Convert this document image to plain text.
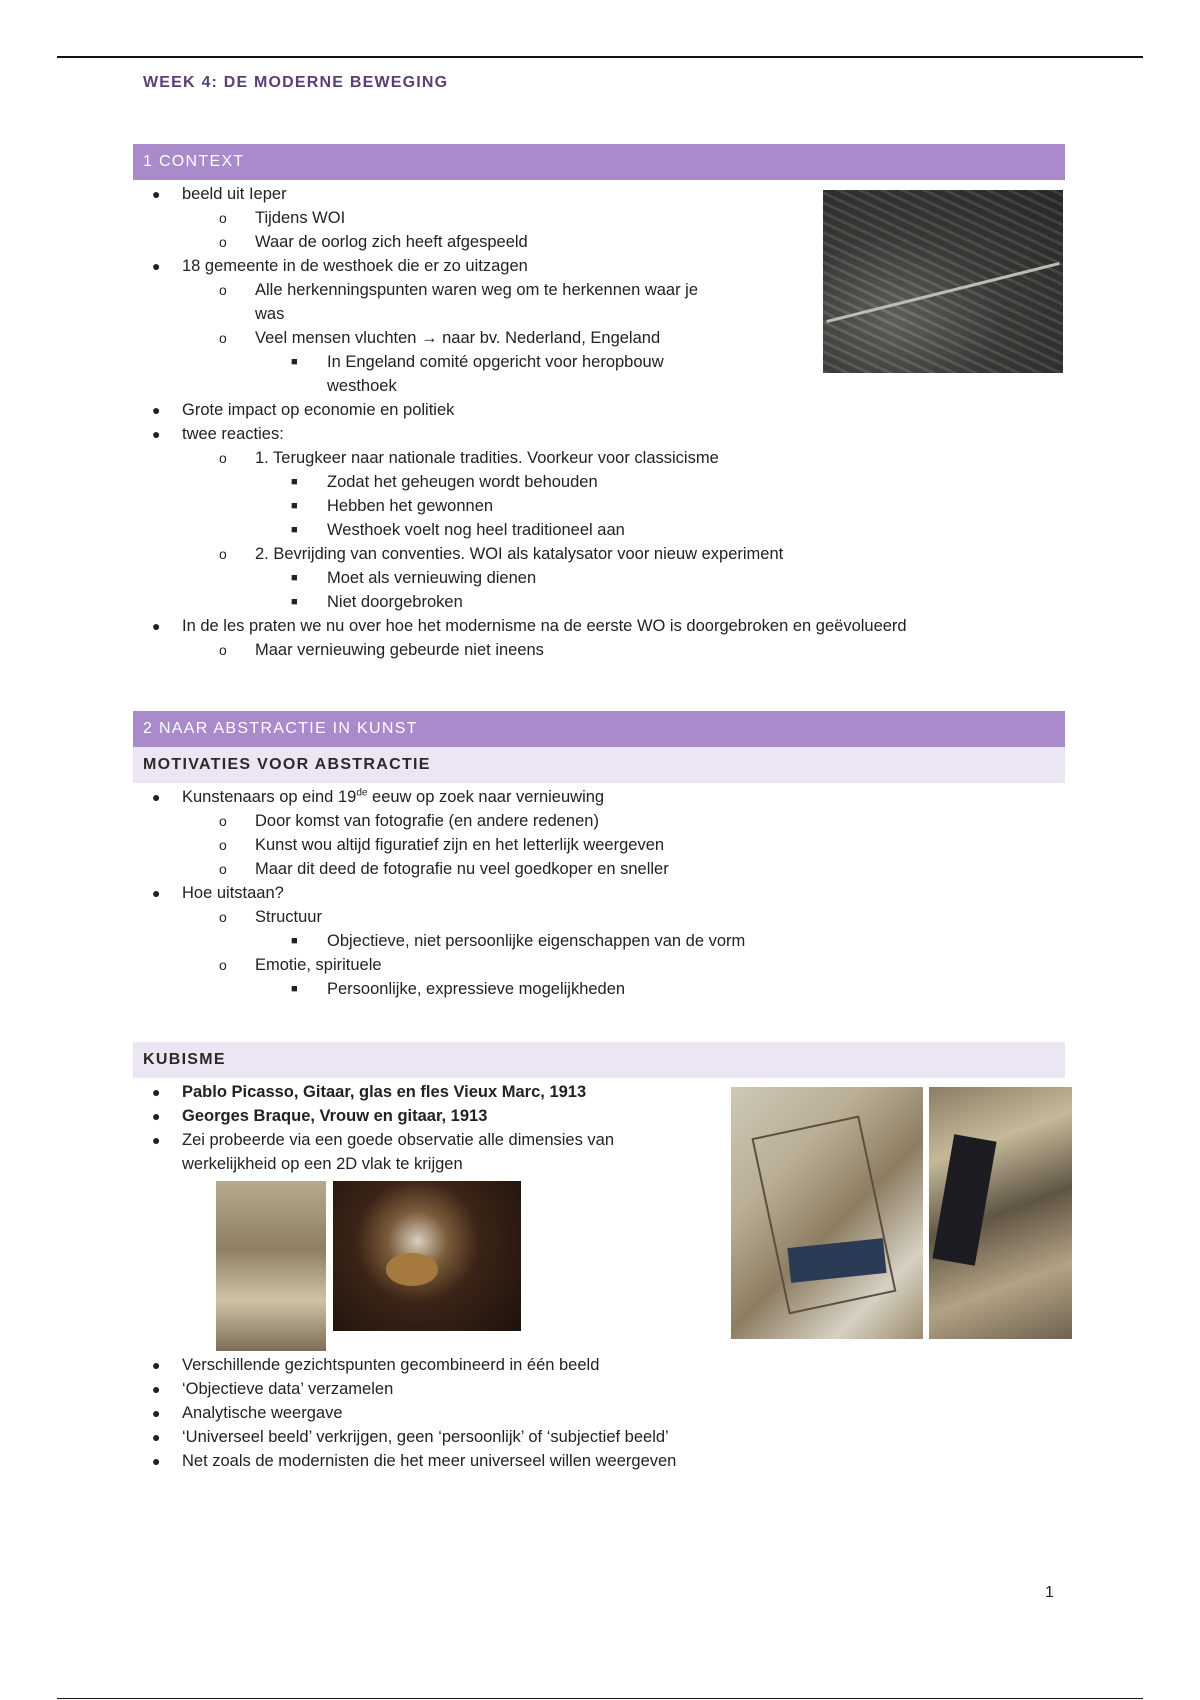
WEEK 4: DE MODERNE BEWEGING
1 CONTEXT
● beeld uit Ieper
o Tijdens WOI
o Waar de oorlog zich heeft afgespeeld
● 18 gemeente in de westhoek die er zo uitzagen
o Alle herkenningspunten waren weg om te herkennen waar je
was
o Veel mensen vluchten → naar bv. Nederland, Engeland
■ In Engeland comité opgericht voor heropbouw
westhoek
● Grote impact op economie en politiek
● twee reacties:
o 1. Terugkeer naar nationale tradities. Voorkeur voor classicisme
■ Zodat het geheugen wordt behouden
■ Hebben het gewonnen
■ Westhoek voelt nog heel traditioneel aan
o 2. Bevrijding van conventies. WOI als katalysator voor nieuw experiment
■ Moet als vernieuwing dienen
■ Niet doorgebroken
● In de les praten we nu over hoe het modernisme na de eerste WO is doorgebroken en geëvolueerd
o Maar vernieuwing gebeurde niet ineens
2 NAAR ABSTRACTIE IN KUNST
MOTIVATIES VOOR ABSTRACTIE
● Kunstenaars op eind 19de eeuw op zoek naar vernieuwing
o Door komst van fotografie (en andere redenen)
o Kunst wou altijd figuratief zijn en het letterlijk weergeven
o Maar dit deed de fotografie nu veel goedkoper en sneller
● Hoe uitstaan?
o Structuur
■ Objectieve, niet persoonlijke eigenschappen van de vorm
o Emotie, spirituele
■ Persoonlijke, expressieve mogelijkheden
KUBISME
● Pablo Picasso, Gitaar, glas en fles Vieux Marc, 1913
● Georges Braque, Vrouw en gitaar, 1913
● Zei probeerde via een goede observatie alle dimensies van
werkelijkheid op een 2D vlak te krijgen
● Verschillende gezichtspunten gecombineerd in één beeld
● ‘Objectieve data’ verzamelen
● Analytische weergave
● ‘Universeel beeld’ verkrijgen, geen ‘persoonlijk’ of ‘subjectief beeld’
● Net zoals de modernisten die het meer universeel willen weergeven
1
